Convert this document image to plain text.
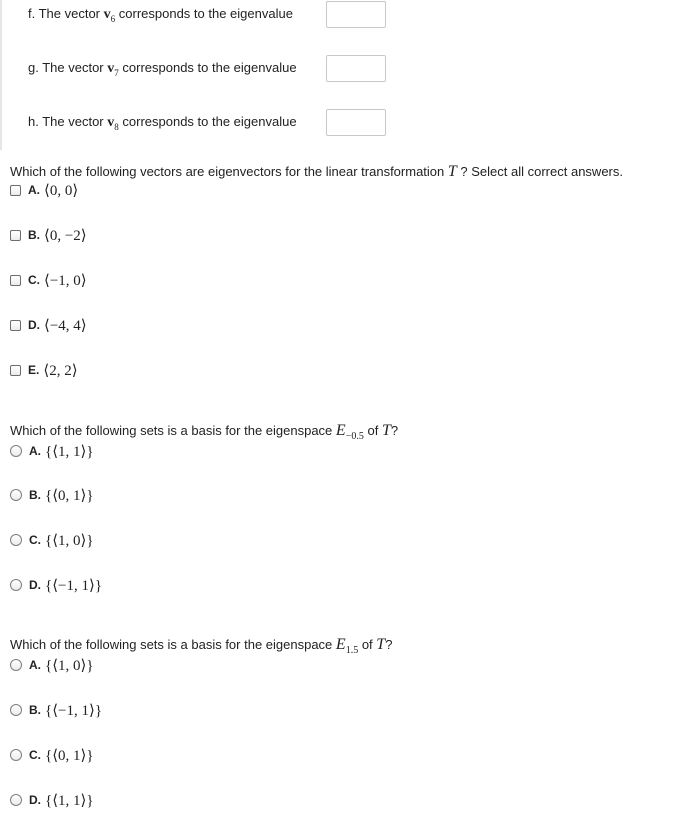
f. The vector $v_6$ corresponds to the eigenvalue
g. The vector $v_7$ corresponds to the eigenvalue
h. The vector $v_8$ corresponds to the eigenvalue
Which of the following vectors are eigenvectors for the linear transformation T ? Select all correct answers.
A. ⟨0, 0⟩
B. ⟨0, −2⟩
C. ⟨−1, 0⟩
D. ⟨−4, 4⟩
E. ⟨2, 2⟩
Which of the following sets is a basis for the eigenspace $E_{-0.5}$ of T?
A. {⟨1, 1⟩}
B. {⟨0, 1⟩}
C. {⟨1, 0⟩}
D. {⟨−1, 1⟩}
Which of the following sets is a basis for the eigenspace $E_{1.5}$ of T?
A. {⟨1, 0⟩}
B. {⟨−1, 1⟩}
C. {⟨0, 1⟩}
D. {⟨1, 1⟩}
